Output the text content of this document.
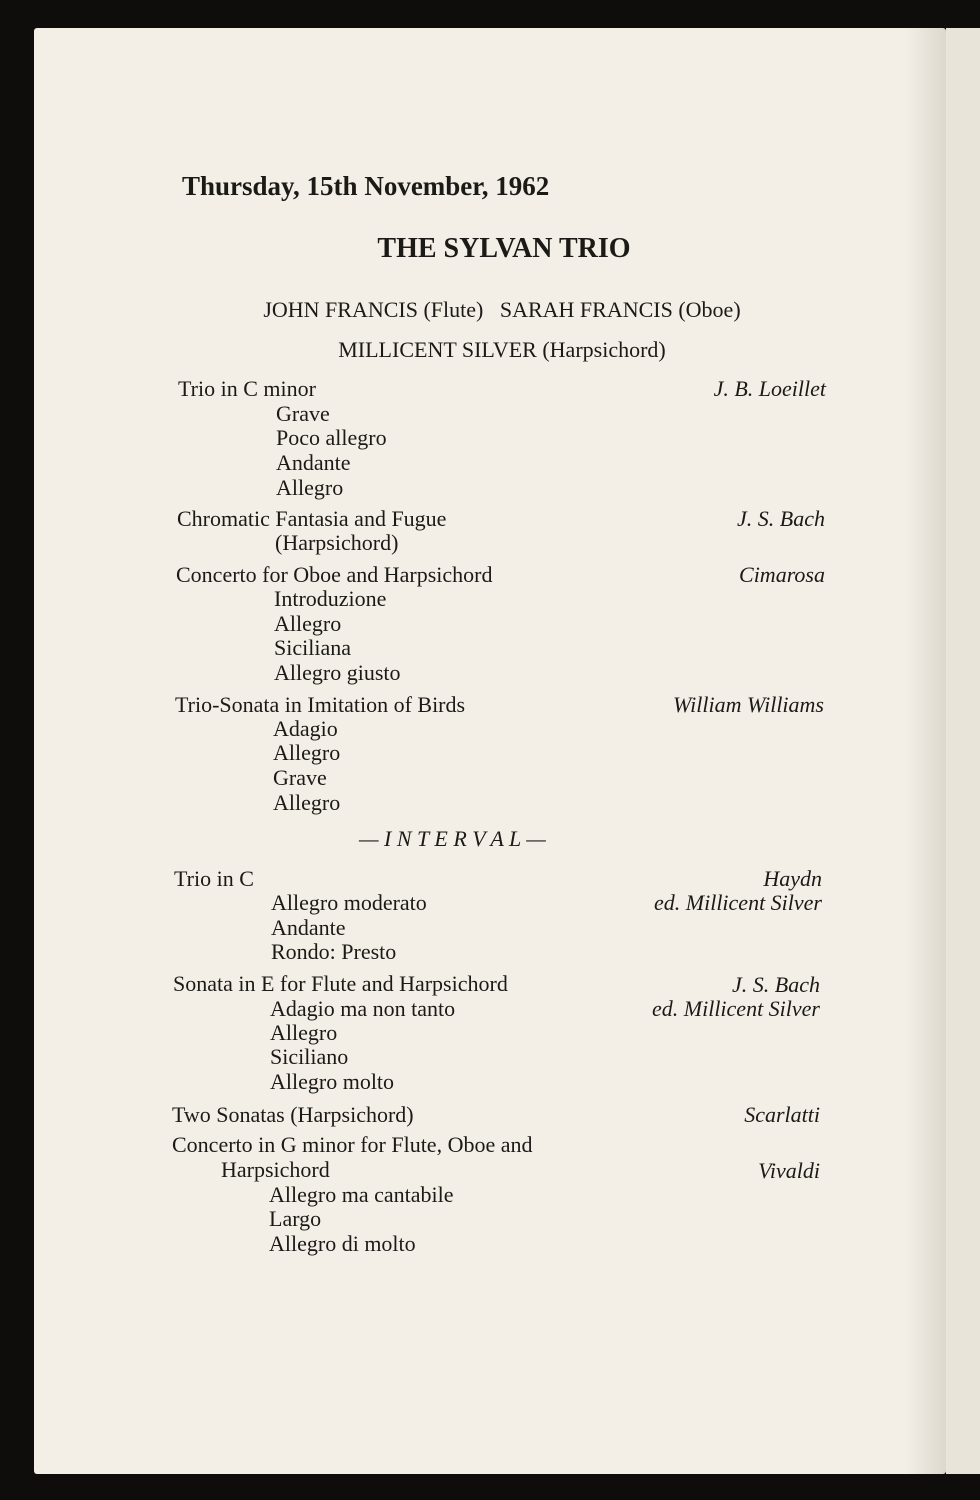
Thursday, 15th November, 1962
THE SYLVAN TRIO
JOHN FRANCIS (Flute)   SARAH FRANCIS (Oboe)
MILLICENT SILVER (Harpsichord)
Trio in C minor	J. B. Loeillet
Grave
Poco allegro
Andante
Allegro
Chromatic Fantasia and Fugue	J. S. Bach
(Harpsichord)
Concerto for Oboe and Harpsichord	Cimarosa
Introduzione
Allegro
Siciliana
Allegro giusto
Trio-Sonata in Imitation of Birds	William Williams
Adagio
Allegro
Grave
Allegro
— I N T E R V A L —
Trio in C	Haydn
ed. Millicent Silver
Allegro moderato
Andante
Rondo: Presto
Sonata in E for Flute and Harpsichord	J. S. Bach
ed. Millicent Silver
Adagio ma non tanto
Allegro
Siciliano
Allegro molto
Two Sonatas (Harpsichord)	Scarlatti
Concerto in G minor for Flute, Oboe and
Harpsichord	Vivaldi
Allegro ma cantabile
Largo
Allegro di molto
